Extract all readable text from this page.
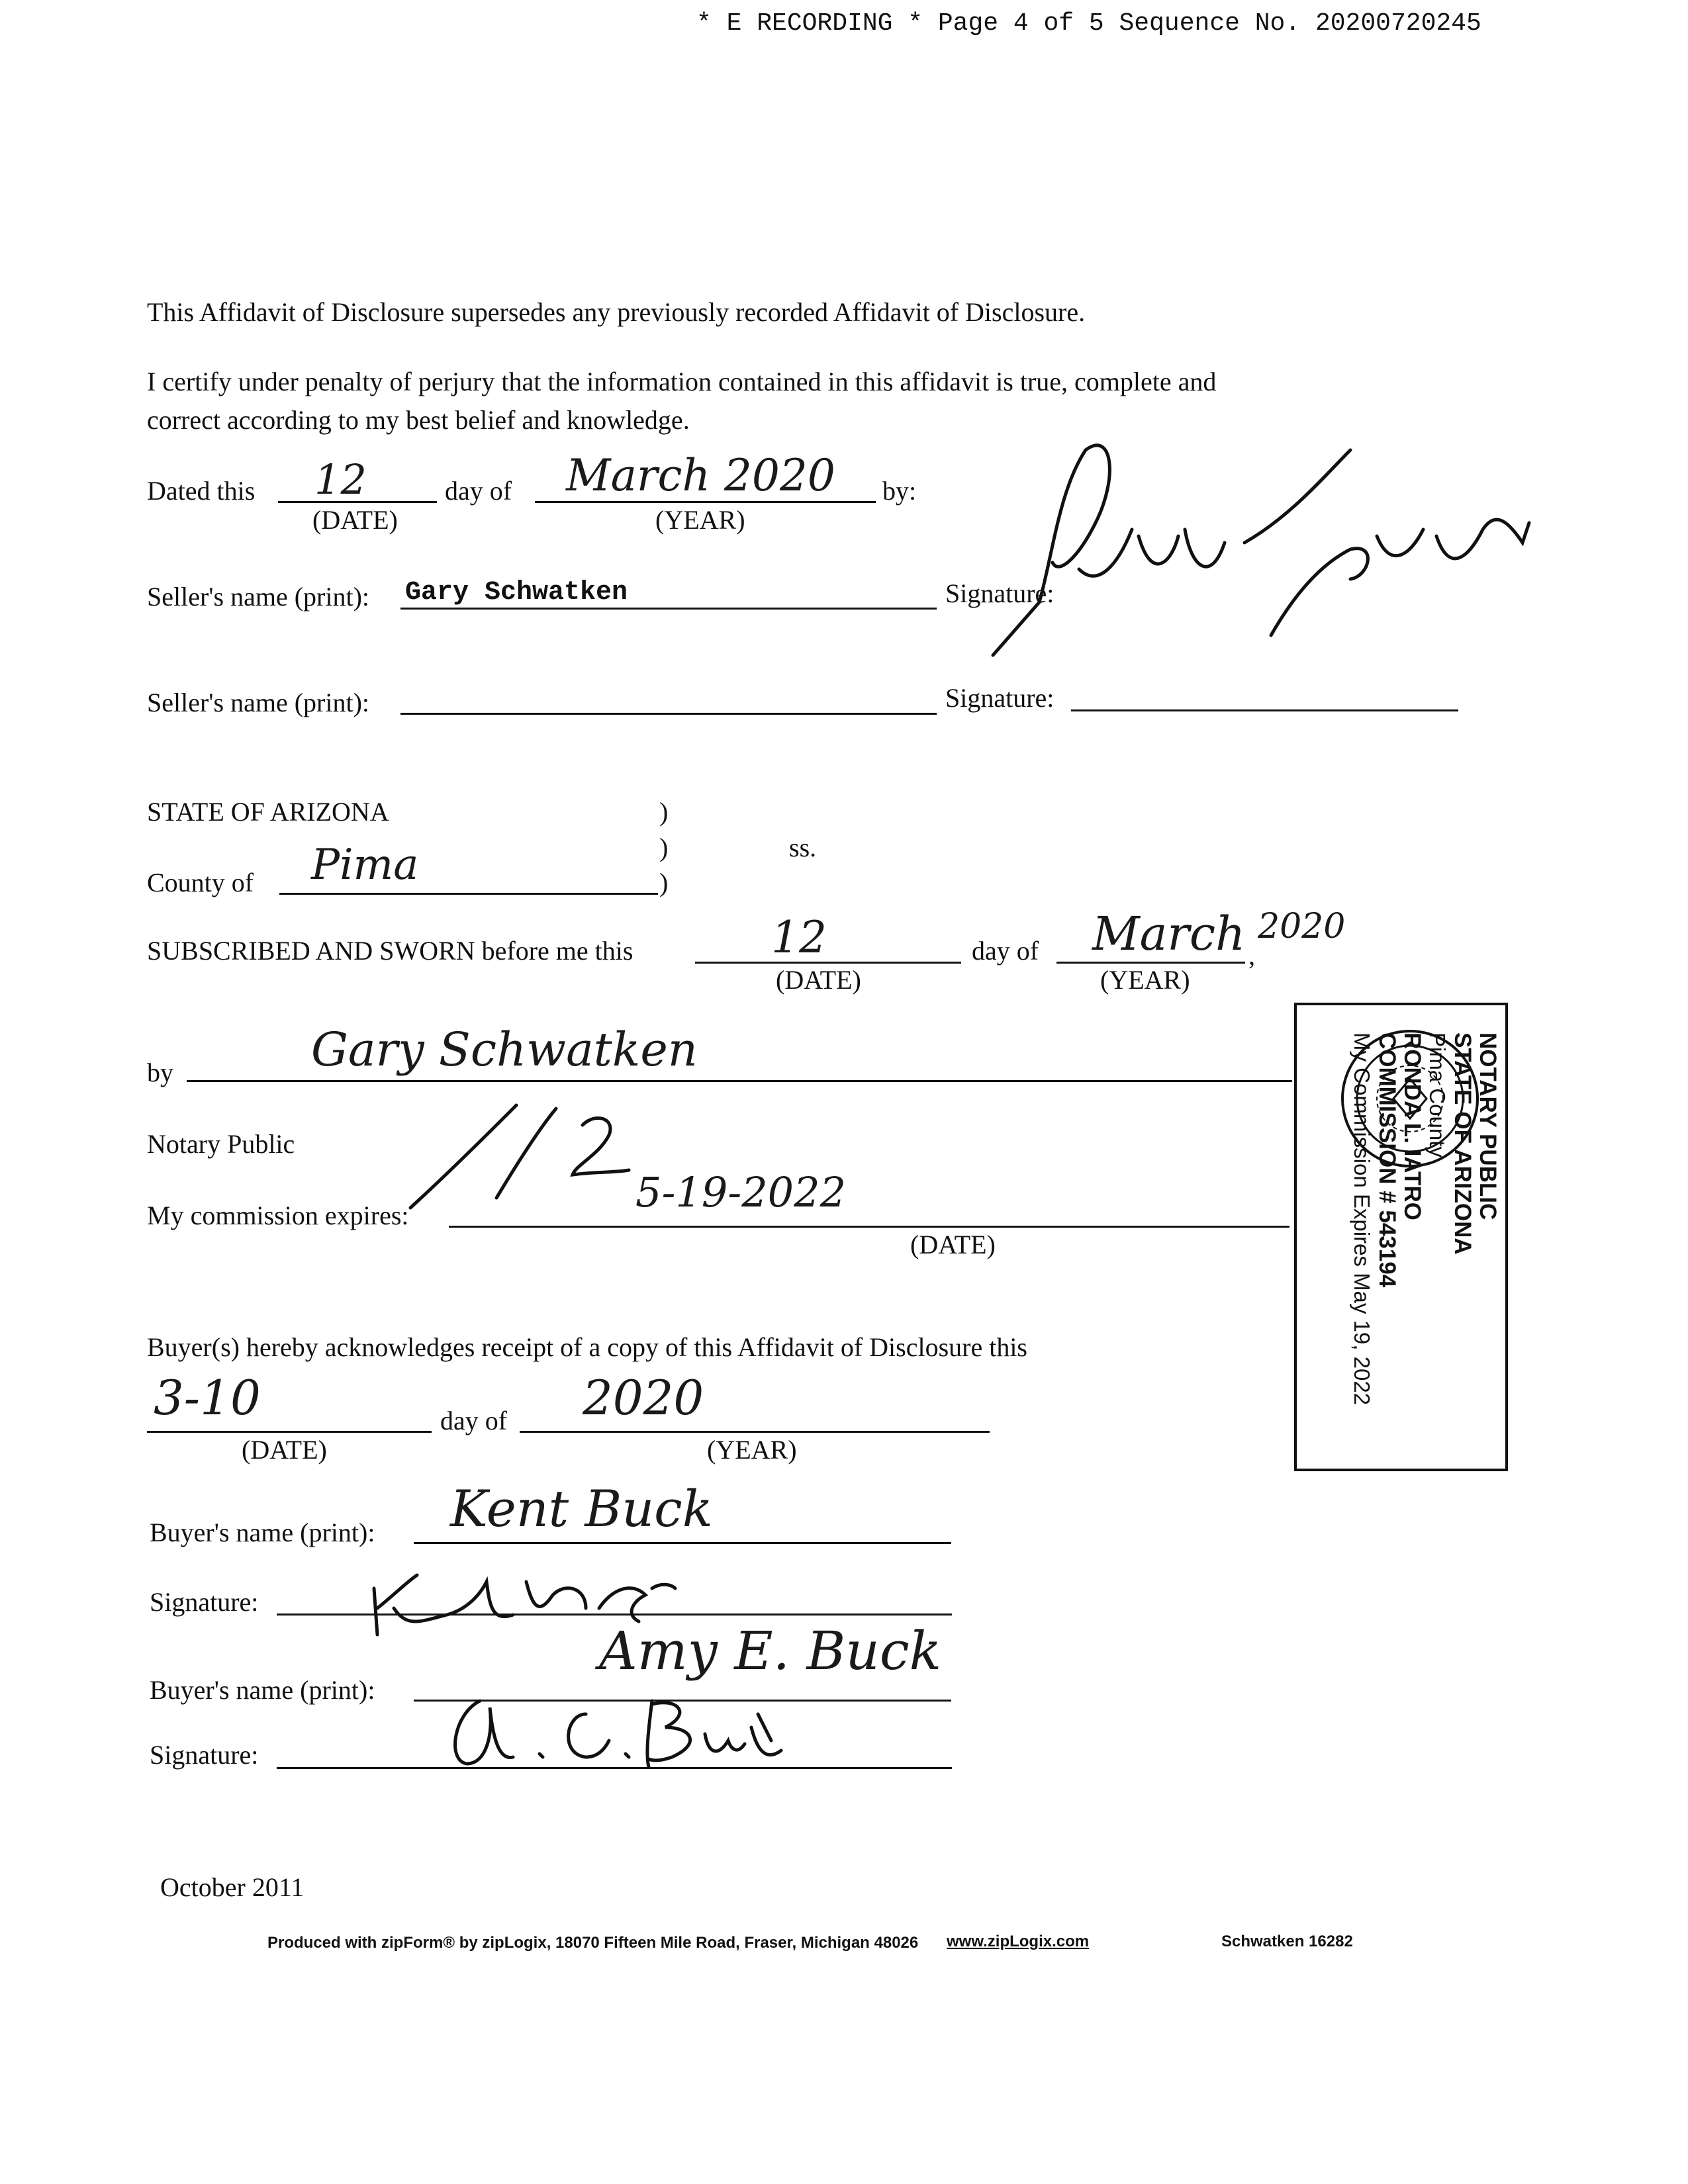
* E RECORDING * Page 4 of 5 Sequence No. 20200720245
This Affidavit of Disclosure supersedes any previously recorded Affidavit of Disclosure.
I certify under penalty of perjury that the information contained in this affidavit is true, complete and
correct according to my best belief and knowledge.
Dated this 12	day of March 2020 by:
(DATE)	(YEAR)
Seller's name (print): Gary Schwatken	Signature:
Seller's name (print):	Signature:
STATE OF ARIZONA	)
)	ss.
County of Pima	)
SUBSCRIBED AND SWORN before me this	12	day of March 2020
,
(DATE)	(YEAR)
by	Gary Schwatken
Notary Public
My commission expires:	5-19-2022
(DATE)
NOTARY PUBLIC
STATE OF ARIZONA
Pima County
RONDA L. IATRO
COMMISSION # 543194
My Commission Expires May 19, 2022
Buyer(s) hereby acknowledges receipt of a copy of this Affidavit of Disclosure this
3-10	day of 2020
(DATE)	(YEAR)
Buyer's name (print): Kent Buck
Signature:
Buyer's name (print):
Amy E. Buck
Signature:
October 2011
Produced with zipForm® by zipLogix, 18070 Fifteen Mile Road, Fraser, Michigan 48026 www.zipLogix.com	Schwatken 16282
